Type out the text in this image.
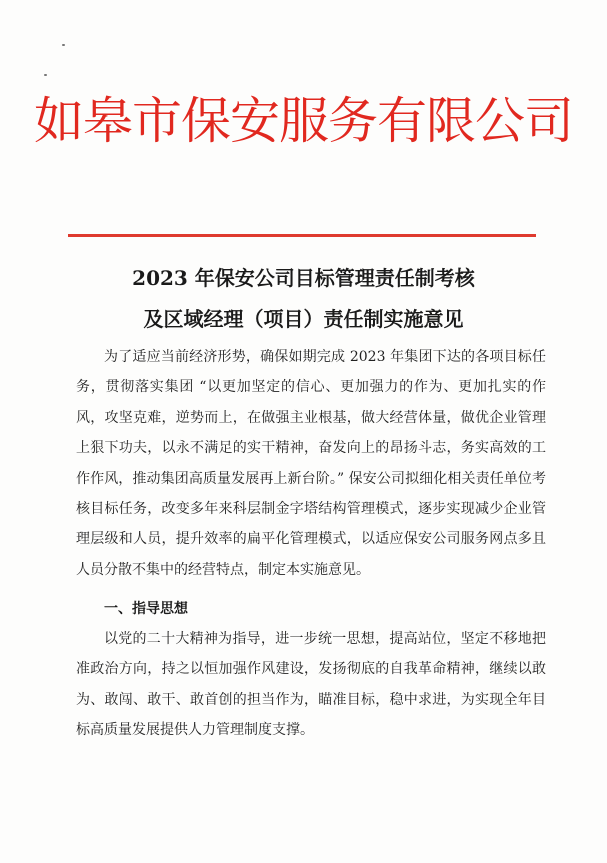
如皋市保安服务有限公司
2023 年保安公司目标管理责任制考核
及区域经理（项目）责任制实施意见

为了适应当前经济形势，确保如期完成 2023 年集团下达的各项目标任务，贯彻落实集团 “以更加坚定的信心、更加强力的作为、更加扎实的作风，攻坚克难，逆势而上，在做强主业根基，做大经营体量，做优企业管理上狠下功夫，以永不满足的实干精神，奋发向上的昂扬斗志，务实高效的工作作风，推动集团高质量发展再上新台阶。” 保安公司拟细化相关责任单位考核目标任务，改变多年来科层制金字塔结构管理模式，逐步实现减少企业管理层级和人员，提升效率的扁平化管理模式，以适应保安公司服务网点多且人员分散不集中的经营特点，制定本实施意见。

一、指导思想

以党的二十大精神为指导，进一步统一思想，提高站位，坚定不移地把准政治方向，持之以恒加强作风建设，发扬彻底的自我革命精神，继续以敢为、敢闯、敢干、敢首创的担当作为，瞄准目标，稳中求进，为实现全年目标高质量发展提供人力管理制度支撑。
